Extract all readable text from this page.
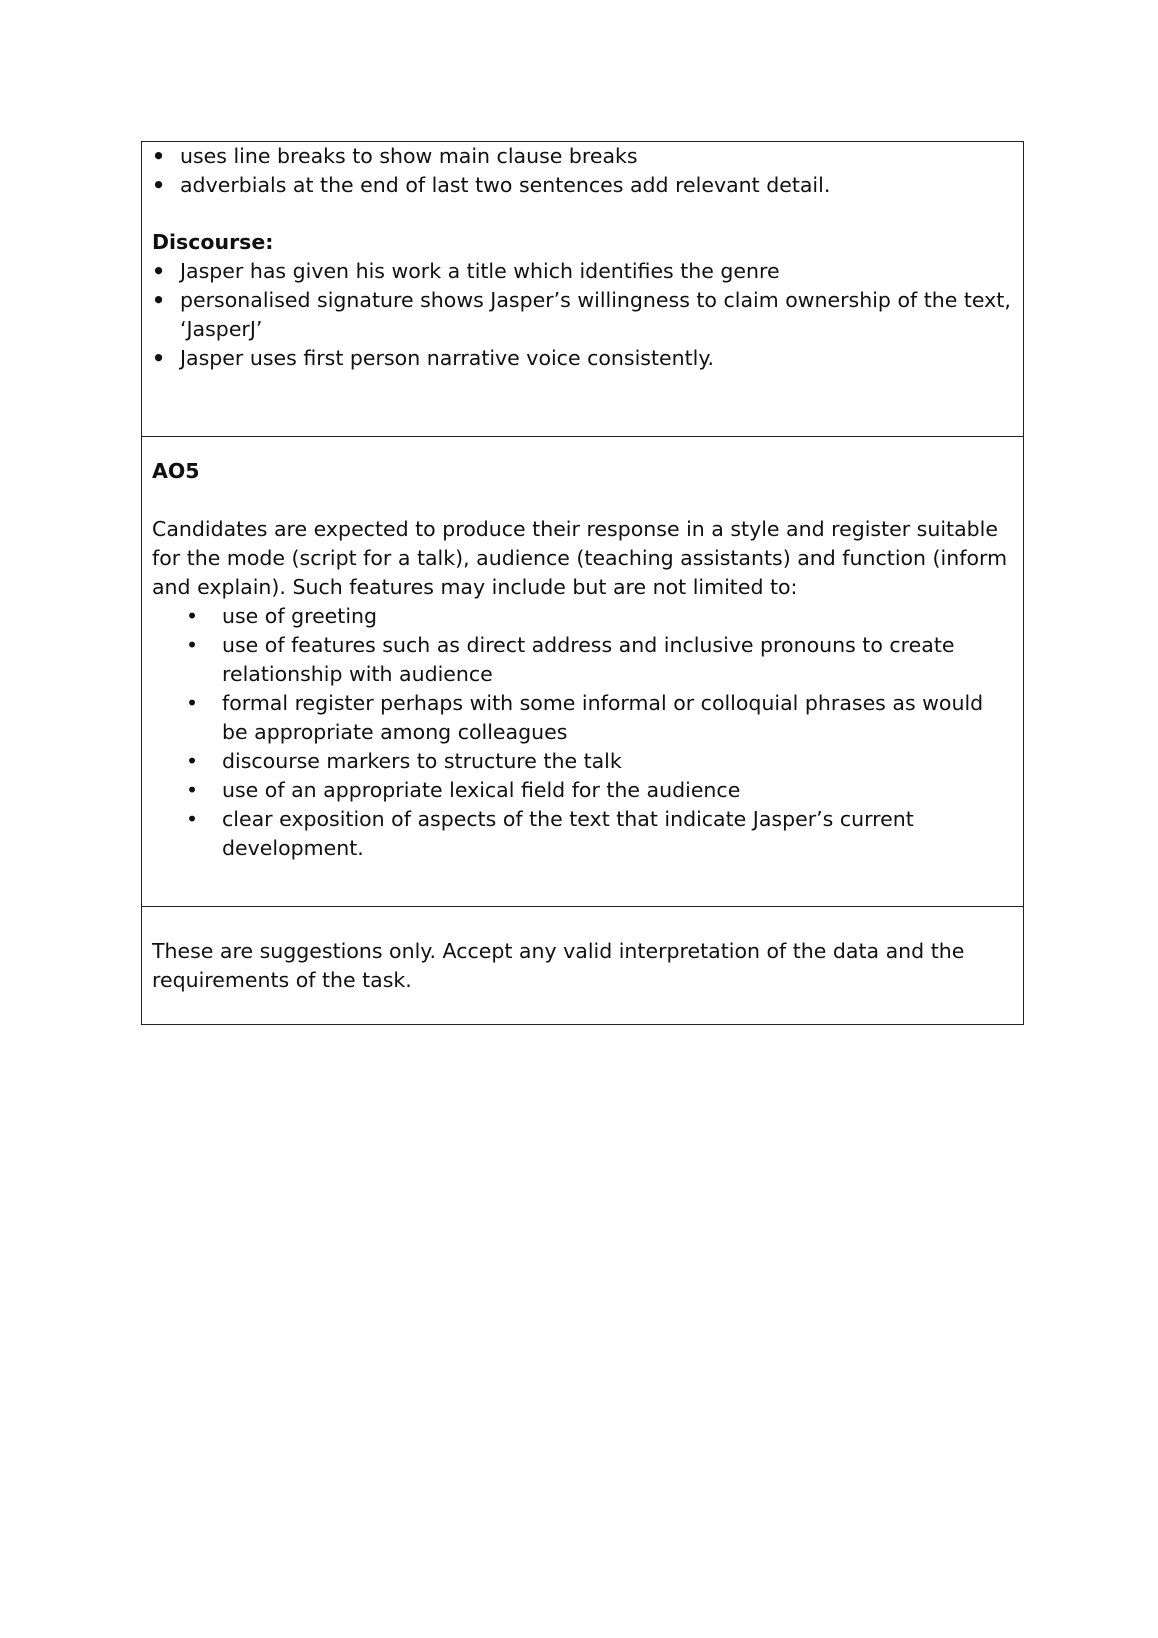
• uses line breaks to show main clause breaks
• adverbials at the end of last two sentences add relevant detail.

Discourse:

• Jasper has given his work a title which identifies the genre
• personalised signature shows Jasper’s willingness to claim ownership of the text, ‘JasperJ’
• Jasper uses first person narrative voice consistently.

AO5

Candidates are expected to produce their response in a style and register suitable for the mode (script for a talk), audience (teaching assistants) and function (inform and explain). Such features may include but are not limited to:

• use of greeting
• use of features such as direct address and inclusive pronouns to create relationship with audience
• formal register perhaps with some informal or colloquial phrases as would be appropriate among colleagues
• discourse markers to structure the talk
• use of an appropriate lexical field for the audience
• clear exposition of aspects of the text that indicate Jasper’s current development.

These are suggestions only. Accept any valid interpretation of the data and the requirements of the task.
